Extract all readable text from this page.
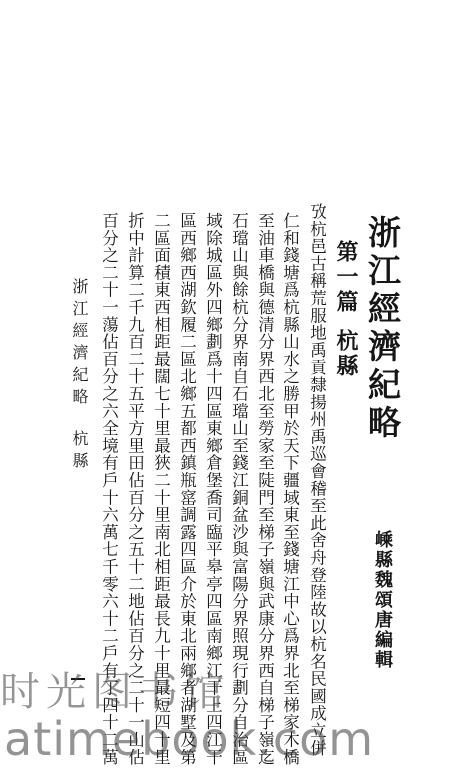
浙江經濟紀略
第一篇杭縣
嵊縣魏頌唐編輯
攷杭邑古稱荒服地禹貢隸揚州禹巡會稽至此舍舟登陸故以杭名民國成立併
仁和錢塘爲杭縣山水之勝甲於天下疆域東至錢塘江中心爲界北至梯家木橋
至油車橋與德清分界西北至勞家至陡門至梯子嶺與武康分界西自梯子嶺迄
石璫山與餘杭分界南自石璫山至錢江銅盆沙與富陽分界照現行劃分自治區
域除城區外四鄉劃爲十四區東鄉倉堡喬司臨平皋亭四區南鄉江干上四江干
區西鄉西湖欽履二區北鄉五都西鎮瓶窰調露四區介於東北兩鄉者湖墅及第
二區面積東西相距最闊七十里最狹二十里南北相距最長九十里最短四十里
折中計算二千九百二十五平方里田佔百分之五十二地佔百分之二十一山佔
百分之二十一蕩佔百分之六全境有戶十六萬七千零六十二戶有丁四十二萬
浙江經濟紀略杭縣
时光图书馆
atimebook.com
